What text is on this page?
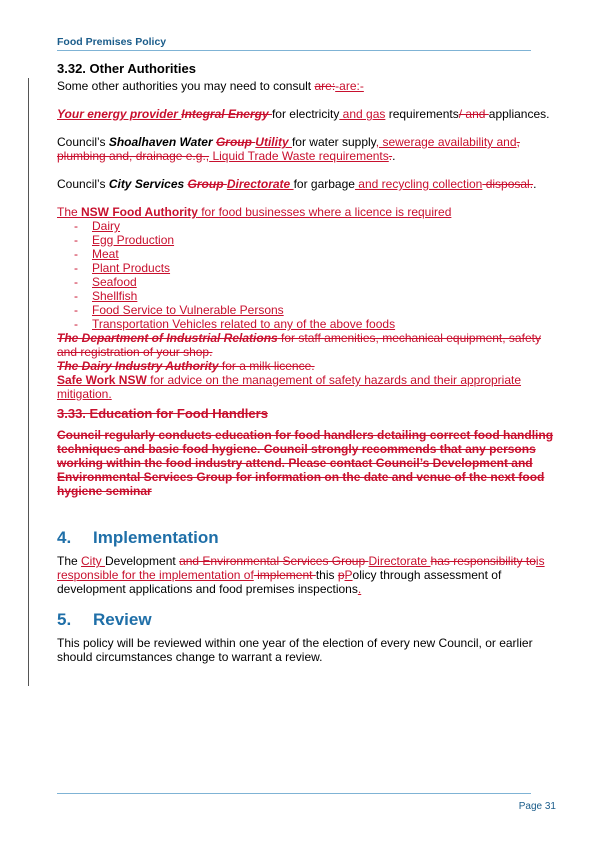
Food Premises Policy
3.32. Other Authorities

Some other authorities you may need to consult are:-are:-

Your energy provider Integral Energy for electricity and gas requirements/ and appliances.

Council’s Shoalhaven Water Group Utility for water supply, sewerage availability and, plumbing and, drainage e.g., Liquid Trade Waste requirements..

Council’s City Services Group Directorate for garbage and recycling collection disposal..

The NSW Food Authority for food businesses where a licence is required

- Dairy
- Egg Production
- Meat
- Plant Products
- Seafood
- Shellfish
- Food Service to Vulnerable Persons
- Transportation Vehicles related to any of the above foods

The Department of Industrial Relations for staff amenities, mechanical equipment, safety and registration of your shop.

The Dairy Industry Authority for a milk licence.

Safe Work NSW for advice on the management of safety hazards and their appropriate mitigation.

3.33. Education for Food Handlers

Council regularly conducts education for food handlers detailing correct food handling techniques and basic food hygiene. Council strongly recommends that any persons working within the food industry attend. Please contact Council’s Development and Environmental Services Group for information on the date and venue of the next food hygiene seminar

4. Implementation

The City Development and Environmental Services Group Directorate has responsibility tois responsible for the implementation of implement this pPolicy through assessment of development applications and food premises inspections.

5. Review

This policy will be reviewed within one year of the election of every new Council, or earlier should circumstances change to warrant a review.

Page 31
